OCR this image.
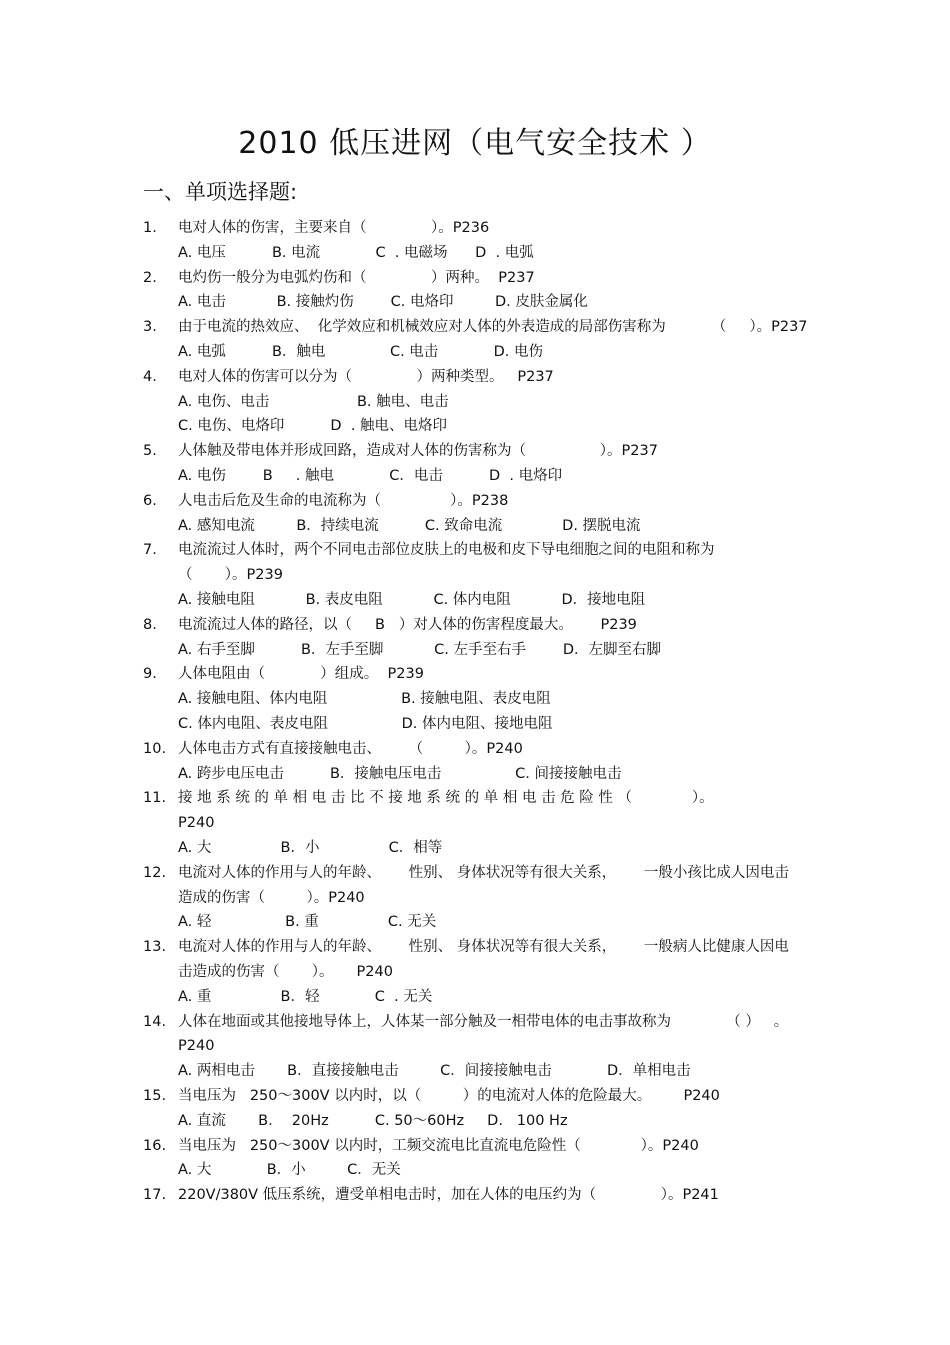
2010 低压进网（电气安全技术 ）
一、单项选择题:
1. 电对人体的伤害，主要来自（              ）。P236
A. 电压          B. 电流            C  . 电磁场      D  . 电弧
2. 电灼伤一般分为电弧灼伤和（              ）两种。  P237
A. 电击           B. 接触灼伤        C. 电烙印         D. 皮肤金属化
3. 由于电流的热效应、  化学效应和机械效应对人体的外表造成的局部伤害称为          （     ）。P237
A. 电弧          B．触电              C. 电击            D. 电伤
4. 电对人体的伤害可以分为（              ）两种类型。   P237
A. 电伤、电击                   B. 触电、电击
C. 电伤、电烙印          D  . 触电、电烙印
5. 人体触及带电体并形成回路，造成对人体的伤害称为（                ）。P237
A. 电伤        B     . 触电            C．电击          D  . 电烙印
6. 人电击后危及生命的电流称为（               ）。P238
A. 感知电流         B．持续电流          C. 致命电流             D. 摆脱电流
7. 电流流过人体时，两个不同电击部位皮肤上的电极和皮下导电细胞之间的电阻和称为
（       ）。P239
A. 接触电阻           B. 表皮电阻           C. 体内电阻           D．接地电阻
8. 电流流过人体的路径，以（     B   ）对人体的伤害程度最大。      P239
A. 右手至脚          B．左手至脚           C. 左手至右手        D．左脚至右脚
9. 人体电阻由（            ）组成。  P239
A. 接触电阻、体内电阻                B. 接触电阻、表皮电阻
C. 体内电阻、表皮电阻                D. 体内电阻、接地电阻
10. 人体电击方式有直接接触电击、      （         ）。P240
A. 跨步电压电击          B．接触电压电击                C. 间接接触电击
11. 接 地 系 统 的 单 相 电 击 比 不 接 地 系 统 的 单 相 电 击 危 险 性 （             ）。
P240
A. 大               B．小               C．相等
12. 电流对人体的作用与人的年龄、      性别、 身体状况等有很大关系，      一般小孩比成人因电击
造成的伤害（         ）。P240
A. 轻                B. 重               C. 无关
13. 电流对人体的作用与人的年龄、      性别、 身体状况等有很大关系，      一般病人比健康人因电
击造成的伤害（       ）。     P240
A. 重               B．轻            C  . 无关
14. 人体在地面或其他接地导体上，人体某一部分触及一相带电体的电击事故称为            （ ）   。
P240
A. 两相电击       B．直接接触电击         C．间接接触电击            D．单相电击
15. 当电压为   250～300V 以内时，以（         ）的电流对人体的危险最大。       P240
A. 直流       B．  20Hz          C. 50～60Hz     D.   100 Hz
16. 当电压为   250～300V 以内时，工频交流电比直流电危险性（             ）。P240
A. 大            B．小         C．无关
17. 220V/380V 低压系统，遭受单相电击时，加在人体的电压约为（              ）。P241
